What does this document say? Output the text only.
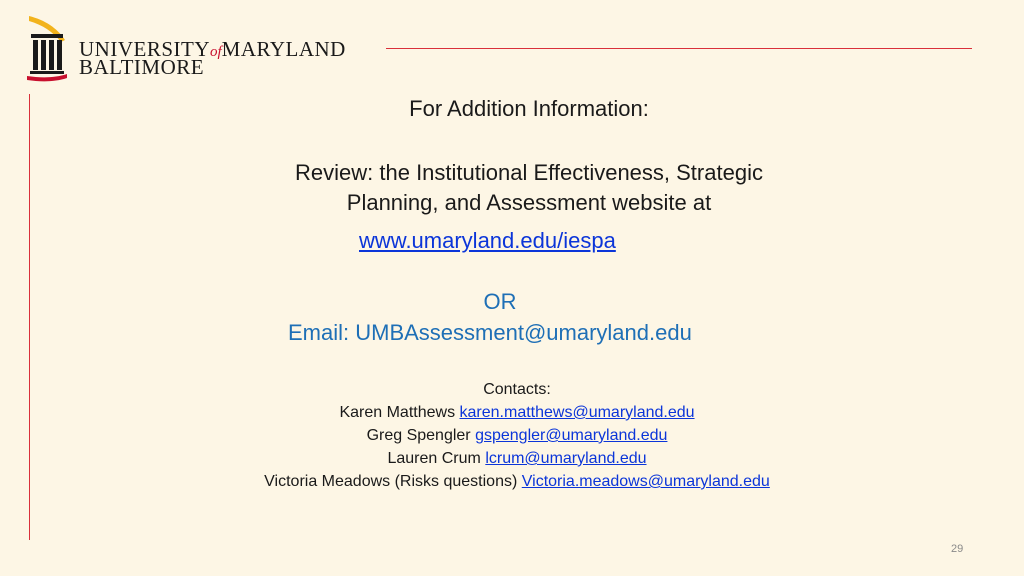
UNIVERSITYofMARYLAND
BALTIMORE
For Addition Information:
Review: the Institutional Effectiveness, Strategic
Planning, and Assessment website at
www.umaryland.edu/iespa
OR
Email: UMBAssessment@umaryland.edu
Contacts:
Karen Matthews karen.matthews@umaryland.edu
Greg Spengler gspengler@umaryland.edu
Lauren Crum lcrum@umaryland.edu
Victoria Meadows (Risks questions) Victoria.meadows@umaryland.edu
29
